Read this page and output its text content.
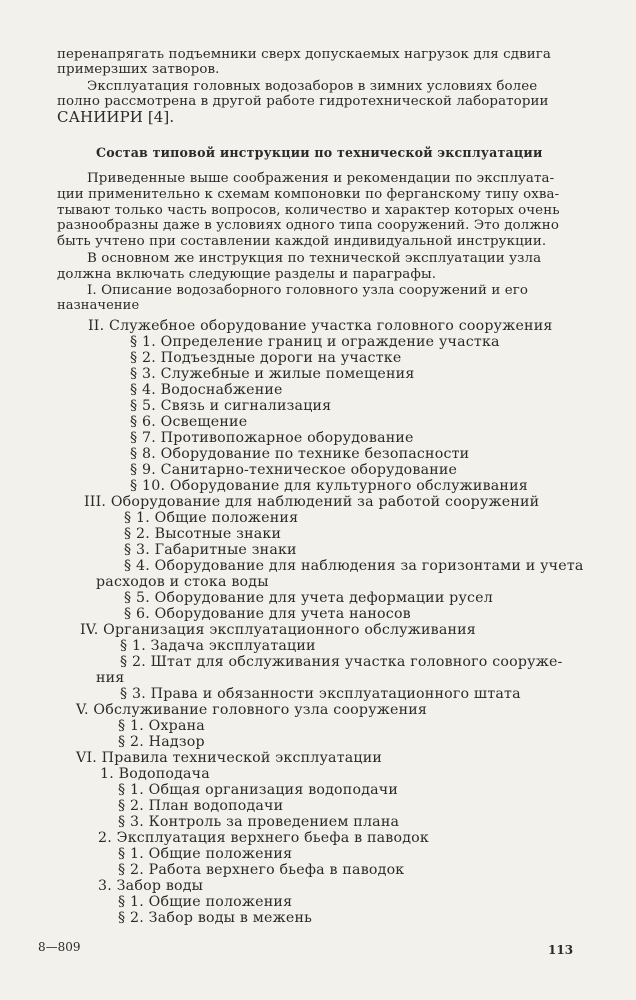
перенапрягать подъемники сверх допускаемых нагрузок для сдвига
примерзших затворов.
Эксплуатация головных водозаборов в зимних условиях более
полно рассмотрена в другой работе гидротехнической лаборатории
САНИИРИ [4].
Состав типовой инструкции по технической эксплуатации
Приведенные выше соображения и рекомендации по эксплуата-
ции применительно к схемам компоновки по ферганскому типу охва-
тывают только часть вопросов, количество и характер которых очень
разнообразны даже в условиях одного типа сооружений. Это должно
быть учтено при составлении каждой индивидуальной инструкции.
В основном же инструкция по технической эксплуатации узла
должна включать следующие разделы и параграфы.
I. Описание водозаборного головного узла сооружений и его
назначение
II. Служебное оборудование участка головного сооружения
§ 1. Определение границ и ограждение участка
§ 2. Подъездные дороги на участке
§ 3. Служебные и жилые помещения
§ 4. Водоснабжение
§ 5. Связь и сигнализация
§ 6. Освещение
§ 7. Противопожарное оборудование
§ 8. Оборудование по технике безопасности
§ 9. Санитарно-техническое оборудование
§ 10. Оборудование для культурного обслуживания
III. Оборудование для наблюдений за работой сооружений
§ 1. Общие положения
§ 2. Высотные знаки
§ 3. Габаритные знаки
§ 4. Оборудование для наблюдения за горизонтами и учета
расходов и стока воды
§ 5. Оборудование для учета деформации русел
§ 6. Оборудование для учета наносов
IV. Организация эксплуатационного обслуживания
§ 1. Задача эксплуатации
§ 2. Штат для обслуживания участка головного сооруже-
ния
§ 3. Права и обязанности эксплуатационного штата
V. Обслуживание головного узла сооружения
§ 1. Охрана
§ 2. Надзор
VI. Правила технической эксплуатации
1. Водоподача
§ 1. Общая организация водоподачи
§ 2. План водоподачи
§ 3. Контроль за проведением плана
2. Эксплуатация верхнего бьефа в паводок
§ 1. Общие положения
§ 2. Работа верхнего бьефа в паводок
3. Забор воды
§ 1. Общие положения
§ 2. Забор воды в межень
8—809	113
